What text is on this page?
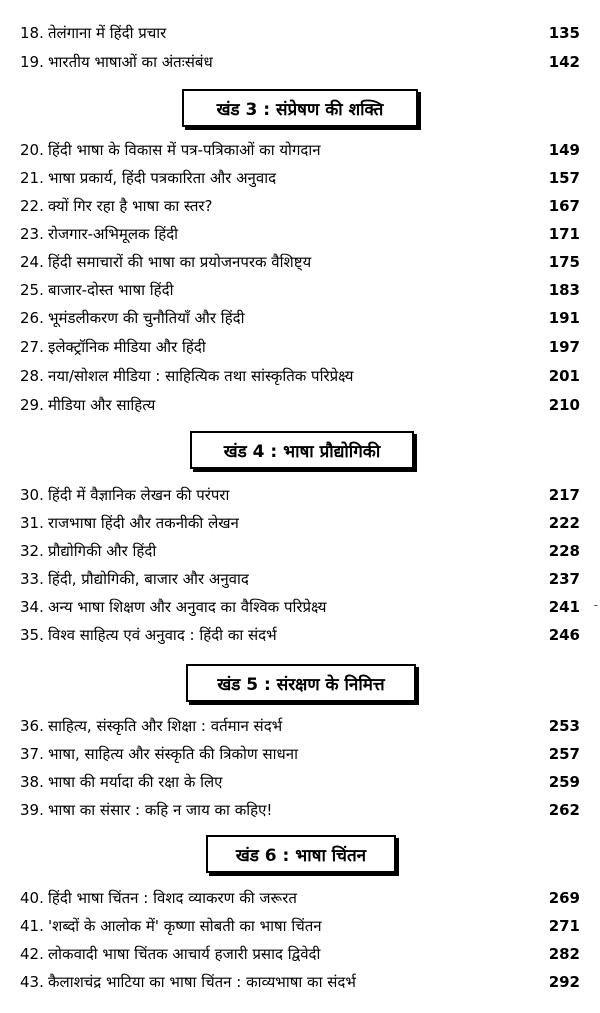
खंड 3 : संप्रेषण की शक्ति
खंड 4 : भाषा प्रौद्योगिकी
खंड 5 : संरक्षण के निमित्त
खंड 6 : भाषा चिंतन
18. तेलंगाना में हिंदी प्रचार	135
19. भारतीय भाषाओं का अंतःसंबंध	142
20. हिंदी भाषा के विकास में पत्र-पत्रिकाओं का योगदान	149
21. भाषा प्रकार्य, हिंदी पत्रकारिता और अनुवाद	157
22. क्यों गिर रहा है भाषा का स्तर?	167
23. रोजगार-अभिमूलक हिंदी	171
24. हिंदी समाचारों की भाषा का प्रयोजनपरक वैशिष्ट्य	175
25. बाजार-दोस्त भाषा हिंदी	183
26. भूमंडलीकरण की चुनौतियाँ और हिंदी	191
27. इलेक्ट्रॉनिक मीडिया और हिंदी	197
28. नया/सोशल मीडिया : साहित्यिक तथा सांस्कृतिक परिप्रेक्ष्य	201
29. मीडिया और साहित्य	210
30. हिंदी में वैज्ञानिक लेखन की परंपरा	217
31. राजभाषा हिंदी और तकनीकी लेखन	222
32. प्रौद्योगिकी और हिंदी	228
33. हिंदी, प्रौद्योगिकी, बाजार और अनुवाद	237
34. अन्य भाषा शिक्षण और अनुवाद का वैश्विक परिप्रेक्ष्य	241
35. विश्व साहित्य एवं अनुवाद : हिंदी का संदर्भ	246
36. साहित्य, संस्कृति और शिक्षा : वर्तमान संदर्भ	253
37. भाषा, साहित्य और संस्कृति की त्रिकोण साधना	257
38. भाषा की मर्यादा की रक्षा के लिए	259
39. भाषा का संसार : कहि न जाय का कहिए!	262
40. हिंदी भाषा चिंतन : विशद व्याकरण की जरूरत	269
41. 'शब्दों के आलोक में' कृष्णा सोबती का भाषा चिंतन	271
42. लोकवादी भाषा चिंतक आचार्य हजारी प्रसाद द्विवेदी	282
43. कैलाशचंद्र भाटिया का भाषा चिंतन : काव्यभाषा का संदर्भ	292
-
